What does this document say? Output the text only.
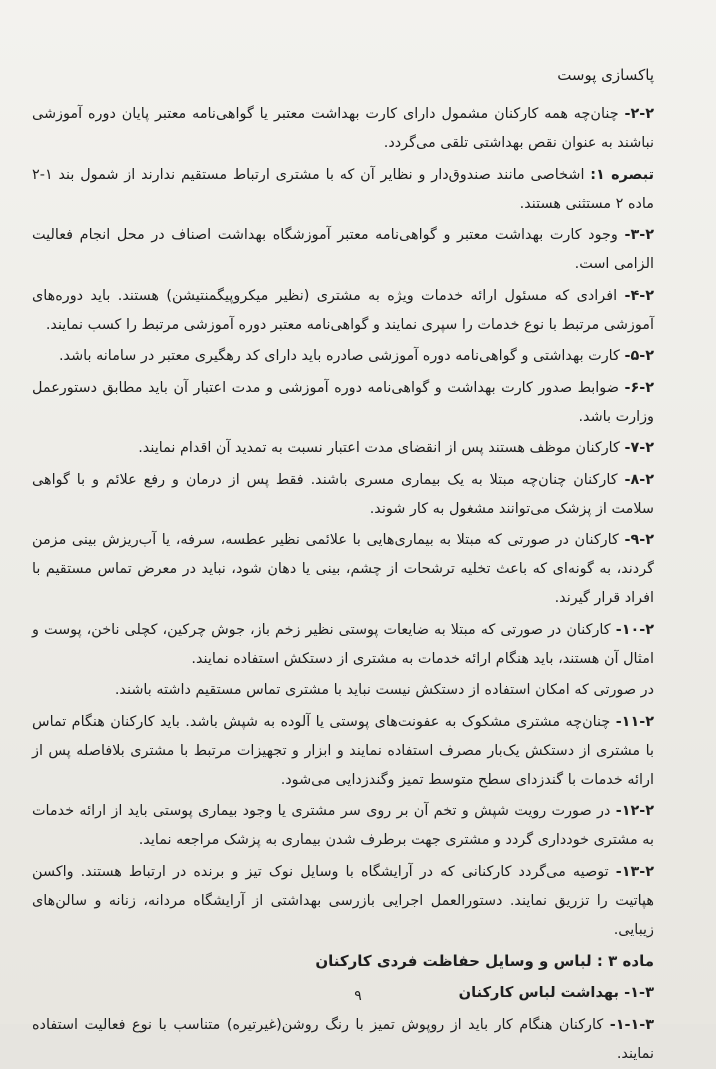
پاکسازی پوست
۲-۲- چنان‌چه همه کارکنان مشمول دارای کارت بهداشت معتبر یا گواهی‌نامه معتبر پایان دوره آموزشی نباشند به عنوان نقص بهداشتی تلقی می‌گردد.
تبصره ۱: اشخاصی مانند صندوق‌دار و نظایر آن که با مشتری ارتباط مستقیم ندارند از شمول بند ۱-۲ ماده ۲ مستثنی هستند.
۳-۲- وجود کارت بهداشت معتبر و گواهی‌نامه معتبر آموزشگاه بهداشت اصناف در محل انجام فعالیت الزامی است.
۴-۲- افرادی که مسئول ارائه خدمات ویژه به مشتری (نظیر میکروپیگمنتیشن) هستند. باید دوره‌های آموزشی مرتبط با نوع خدمات را سپری نمایند و گواهی‌نامه معتبر دوره آموزشی مرتبط را کسب نمایند.
۵-۲- کارت بهداشتی و گواهی‌نامه دوره آموزشی صادره باید دارای کد رهگیری معتبر در سامانه باشد.
۶-۲- ضوابط صدور کارت بهداشت و گواهی‌نامه دوره آموزشی و مدت اعتبار آن باید مطابق دستورعمل وزارت باشد.
۷-۲- کارکنان موظف هستند پس از انقضای مدت اعتبار نسبت به تمدید آن اقدام نمایند.
۸-۲- کارکنان چنان‌چه مبتلا به یک بیماری مسری باشند. فقط پس از درمان و رفع علائم و با گواهی سلامت از پزشک می‌توانند مشغول به کار شوند.
۹-۲- کارکنان در صورتی که مبتلا به بیماری‌هایی با علائمی نظیر عطسه، سرفه، یا آب‌ریزش بینی مزمن گردند، به گونه‌ای که باعث تخلیه ترشحات از چشم، بینی یا دهان شود، نباید در معرض تماس مستقیم با افراد قرار گیرند.
۱۰-۲- کارکنان در صورتی که مبتلا به ضایعات پوستی نظیر زخم باز، جوش چرکین، کچلی ناخن، پوست و امثال آن هستند، باید هنگام ارائه خدمات به مشتری از دستکش استفاده نمایند.
در صورتی که امکان استفاده از دستکش نیست نباید با مشتری تماس مستقیم داشته باشند.
۱۱-۲- چنان‌چه مشتری مشکوک به عفونت‌های پوستی یا آلوده به شپش باشد. باید کارکنان هنگام تماس با مشتری از دستکش یک‌بار مصرف استفاده نمایند و ابزار و تجهیزات مرتبط با مشتری بلافاصله پس از ارائه خدمات با گندزدای سطح متوسط تمیز وگندزدایی می‌شود.
۱۲-۲- در صورت رویت شپش و تخم آن بر روی سر مشتری یا وجود بیماری پوستی باید از ارائه خدمات به مشتری خودداری گردد و مشتری جهت برطرف شدن بیماری به پزشک مراجعه نماید.
۱۳-۲- توصیه می‌گردد کارکنانی که در آرایشگاه با وسایل نوک تیز و برنده در ارتباط هستند. واکسن هپاتیت را تزریق نمایند. دستورالعمل اجرایی بازرسی بهداشتی از آرایشگاه مردانه، زنانه و سالن‌های زیبایی.
ماده ۳ : لباس و وسایل حفاظت فردی کارکنان
۱-۳- بهداشت لباس کارکنان
۱-۱-۳- کارکنان هنگام کار باید از روپوش تمیز با رنگ روشن(غیرتیره) متناسب با نوع فعالیت استفاده نمایند.
۹
